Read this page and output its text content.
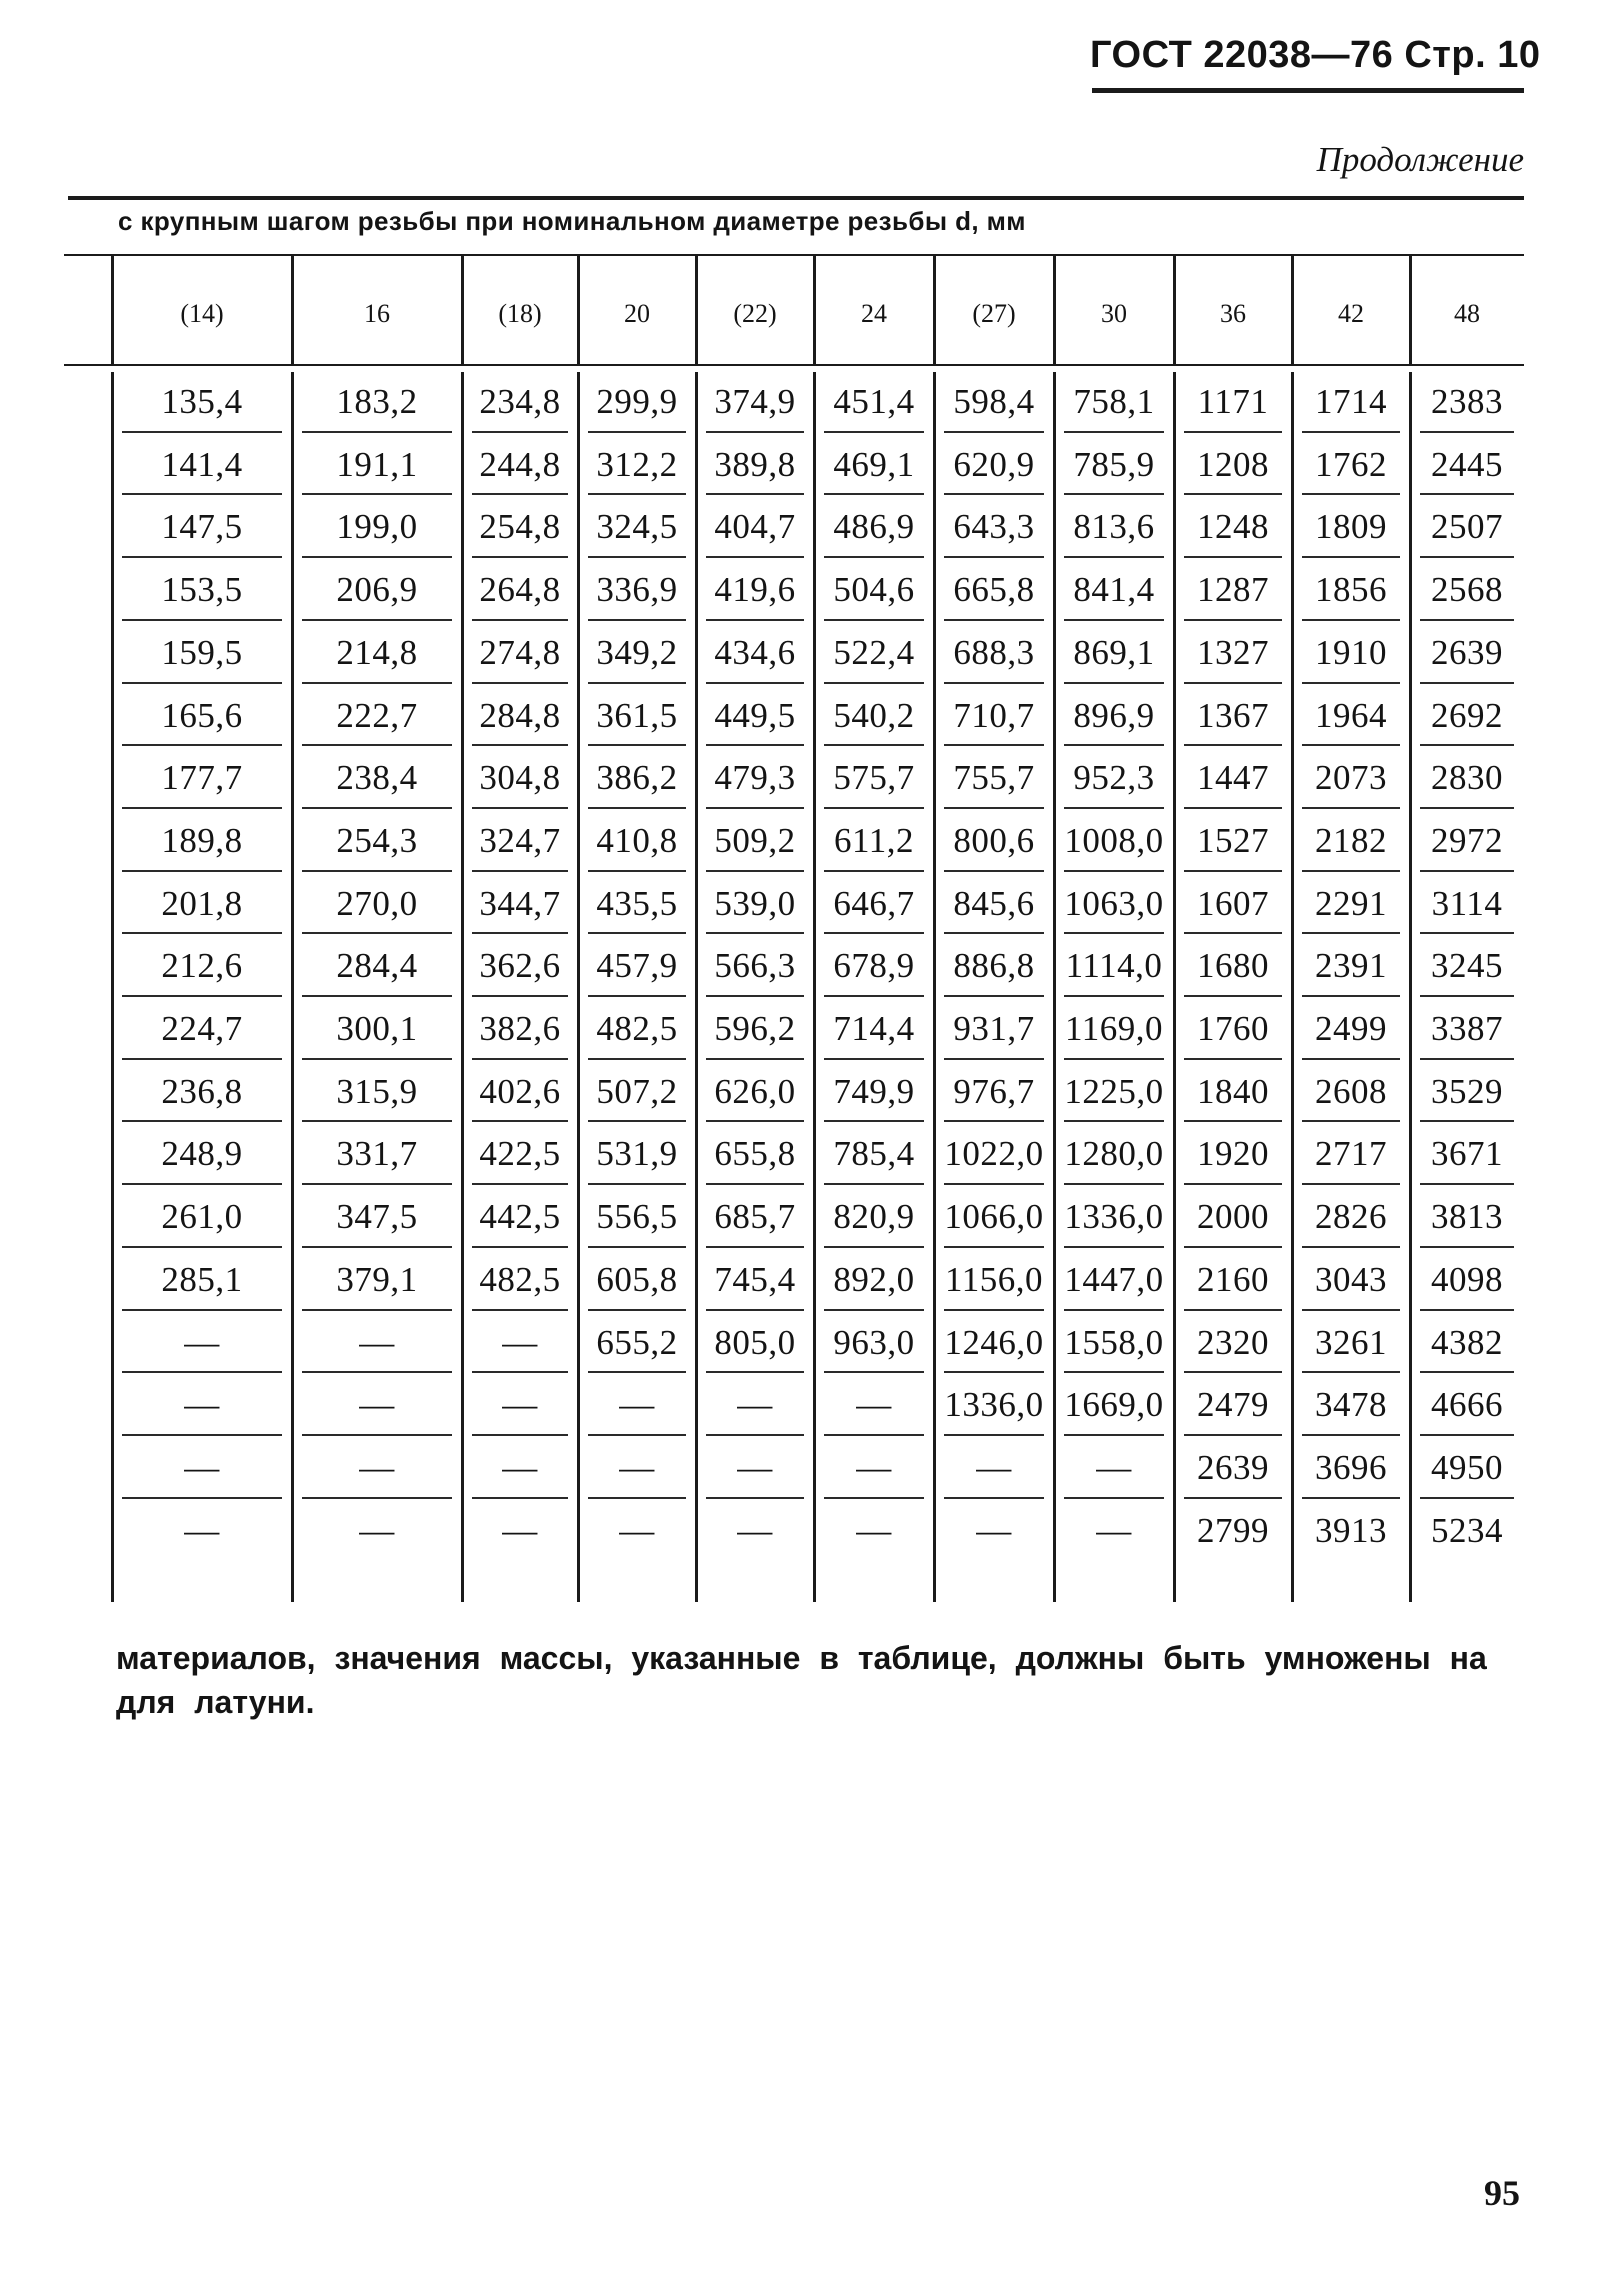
ГОСТ 22038—76 Стр. 10
Продолжение
с крупным шагом резьбы при номинальном диаметре резьбы d, мм
(14)	16	(18)	20	(22)	24	(27)	30	36	42	48
135,4	183,2	234,8	299,9	374,9	451,4	598,4	758,1	1171	1714	2383
141,4	191,1	244,8	312,2	389,8	469,1	620,9	785,9	1208	1762	2445
147,5	199,0	254,8	324,5	404,7	486,9	643,3	813,6	1248	1809	2507
153,5	206,9	264,8	336,9	419,6	504,6	665,8	841,4	1287	1856	2568
159,5	214,8	274,8	349,2	434,6	522,4	688,3	869,1	1327	1910	2639
165,6	222,7	284,8	361,5	449,5	540,2	710,7	896,9	1367	1964	2692
177,7	238,4	304,8	386,2	479,3	575,7	755,7	952,3	1447	2073	2830
189,8	254,3	324,7	410,8	509,2	611,2	800,6 1008,0 1527	2182	2972
201,8	270,0	344,7	435,5	539,0	646,7	845,6 1063,0 1607	2291	3114
212,6	284,4	362,6	457,9	566,3	678,9	886,8 1114,0 1680	2391	3245
224,7	300,1	382,6	482,5	596,2	714,4	931,7 1169,0 1760	2499	3387
236,8	315,9	402,6	507,2	626,0	749,9	976,7 1225,0 1840	2608	3529
248,9	331,7	422,5	531,9	655,8	785,4 1022,0 1280,0 1920	2717	3671
261,0	347,5	442,5	556,5	685,7	820,9 1066,0 1336,0 2000	2826	3813
285,1	379,1	482,5	605,8	745,4	892,0 1156,0 1447,0 2160	3043	4098
—	—	—	655,2	805,0	963,0 1246,0 1558,0 2320	3261	4382
—	—	—	—	—	—	1336,0 1669,0 2479	3478	4666
—	—	—	—	—	—	—	—	2639	3696	4950
—	—	—	—	—	—	—	—	2799	3913	5234
материалов, значения массы, указанные в таблице, должны быть умножены на
для латуни.
95
